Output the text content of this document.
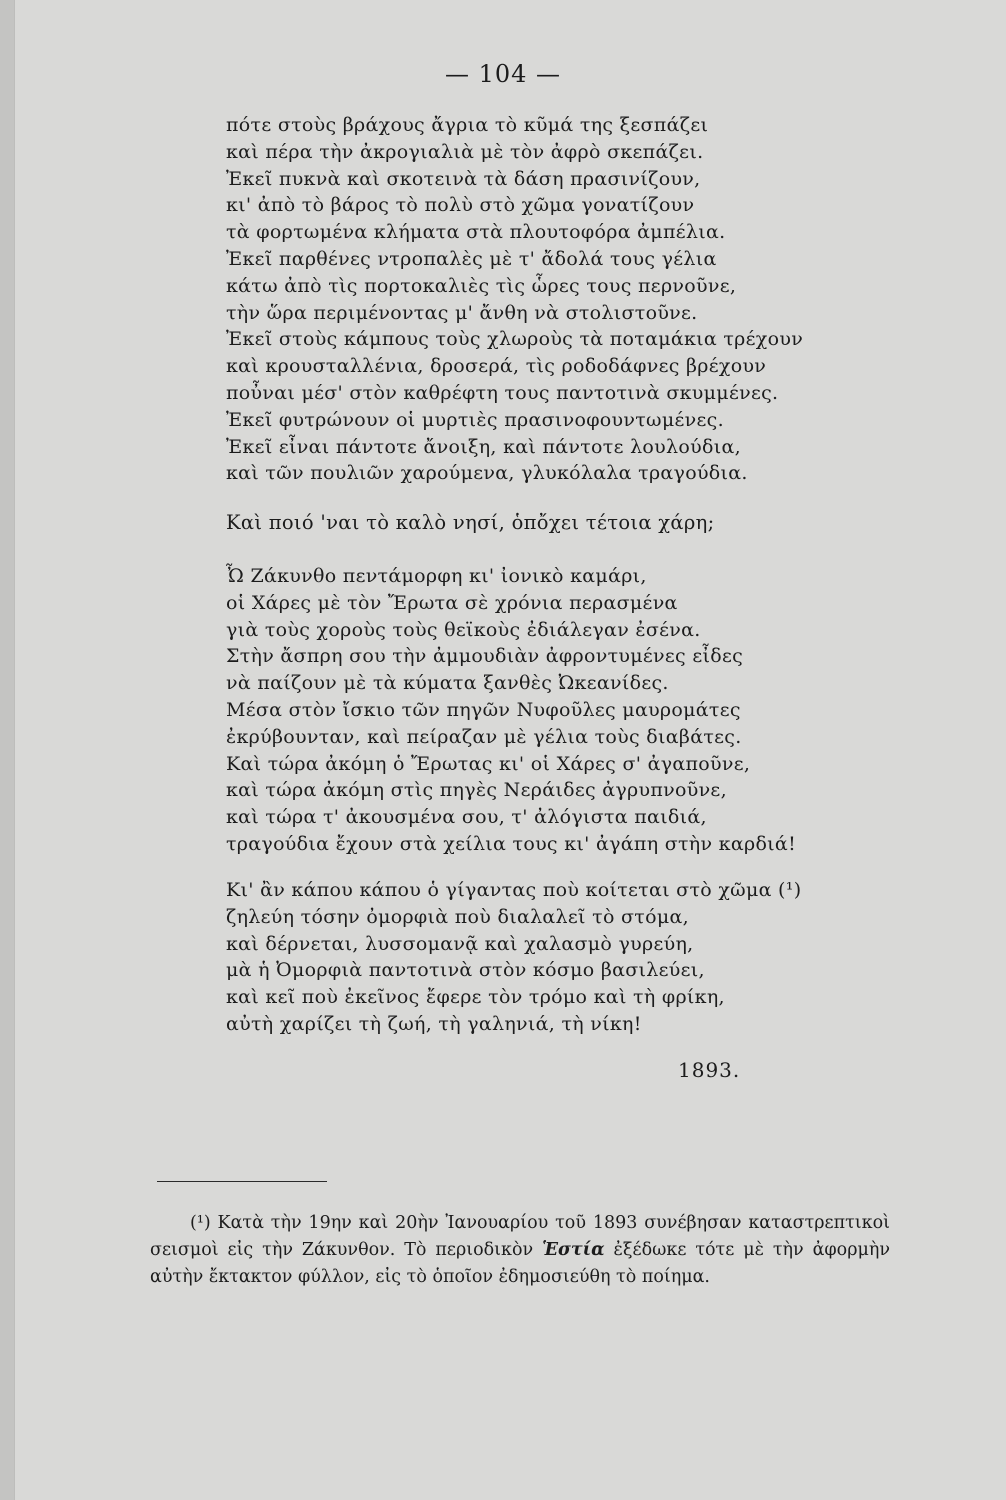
— 104 —
πότε στοὺς βράχους ἄγρια τὸ κῦμά της ξεσπάζει
καὶ πέρα τὴν ἀκρογιαλιὰ μὲ τὸν ἀφρὸ σκεπάζει.
Ἐκεῖ πυκνὰ καὶ σκοτεινὰ τὰ δάση πρασινίζουν,
κι' ἀπὸ τὸ βάρος τὸ πολὺ στὸ χῶμα γονατίζουν
τὰ φορτωμένα κλήματα στὰ πλουτοφόρα ἀμπέλια.
Ἐκεῖ παρθένες ντροπαλὲς μὲ τ' ἄδολά τους γέλια
κάτω ἀπὸ τὶς πορτοκαλιὲς τὶς ὧρες τους περνοῦνε,
τὴν ὥρα περιμένοντας μ' ἄνθη νὰ στολιστοῦνε.
Ἐκεῖ στοὺς κάμπους τοὺς χλωροὺς τὰ ποταμάκια τρέχουν
καὶ κρουσταλλένια, δροσερά, τὶς ροδοδάφνες βρέχουν
ποὖναι μέσ' στὸν καθρέφτη τους παντοτινὰ σκυμμένες.
Ἐκεῖ φυτρώνουν οἱ μυρτιὲς πρασινοφουντωμένες.
Ἐκεῖ εἶναι πάντοτε ἄνοιξη, καὶ πάντοτε λουλούδια,
καὶ τῶν πουλιῶν χαρούμενα, γλυκόλαλα τραγούδια.
Καὶ ποιό 'ναι τὸ καλὸ νησί, ὁπὄχει τέτοια χάρη;
Ὦ Ζάκυνθο πεντάμορφη κι' ἰονικὸ καμάρι,
οἱ Χάρες μὲ τὸν Ἔρωτα σὲ χρόνια περασμένα
γιὰ τοὺς χοροὺς τοὺς θεϊκοὺς ἐδιάλεγαν ἐσένα.
Στὴν ἄσπρη σου τὴν ἀμμουδιὰν ἀφροντυμένες εἶδες
νὰ παίζουν μὲ τὰ κύματα ξανθὲς Ὠκεανίδες.
Μέσα στὸν ἴσκιο τῶν πηγῶν Νυφοῦλες μαυρομάτες
ἐκρύβουνταν, καὶ πείραζαν μὲ γέλια τοὺς διαβάτες.
Καὶ τώρα ἀκόμη ὁ Ἔρωτας κι' οἱ Χάρες σ' ἀγαποῦνε,
καὶ τώρα ἀκόμη στὶς πηγὲς Νεράιδες ἀγρυπνοῦνε,
καὶ τώρα τ' ἀκουσμένα σου, τ' ἀλόγιστα παιδιά,
τραγούδια ἔχουν στὰ χείλια τους κι' ἀγάπη στὴν καρδιά!
Κι' ἂν κάπου κάπου ὁ γίγαντας ποὺ κοίτεται στὸ χῶμα (¹)
ζηλεύη τόσην ὀμορφιὰ ποὺ διαλαλεῖ τὸ στόμα,
καὶ δέρνεται, λυσσομανᾷ καὶ χαλασμὸ γυρεύη,
μὰ ἡ Ὀμορφιὰ παντοτινὰ στὸν κόσμο βασιλεύει,
καὶ κεῖ ποὺ ἐκεῖνος ἔφερε τὸν τρόμο καὶ τὴ φρίκη,
αὐτὴ χαρίζει τὴ ζωή, τὴ γαληνιά, τὴ νίκη!
1893.
(¹) Κατὰ τὴν 19ην καὶ 20ὴν Ἰανουαρίου τοῦ 1893 συνέβησαν καταστρεπτικοὶ σεισμοὶ εἰς τὴν Ζάκυνθον. Τὸ περιοδικὸν Ἑστία ἐξέδωκε τότε μὲ τὴν ἀφορμὴν αὐτὴν ἔκτακτον φύλλον, εἰς τὸ ὁποῖον ἐδημοσιεύθη τὸ ποίημα.
